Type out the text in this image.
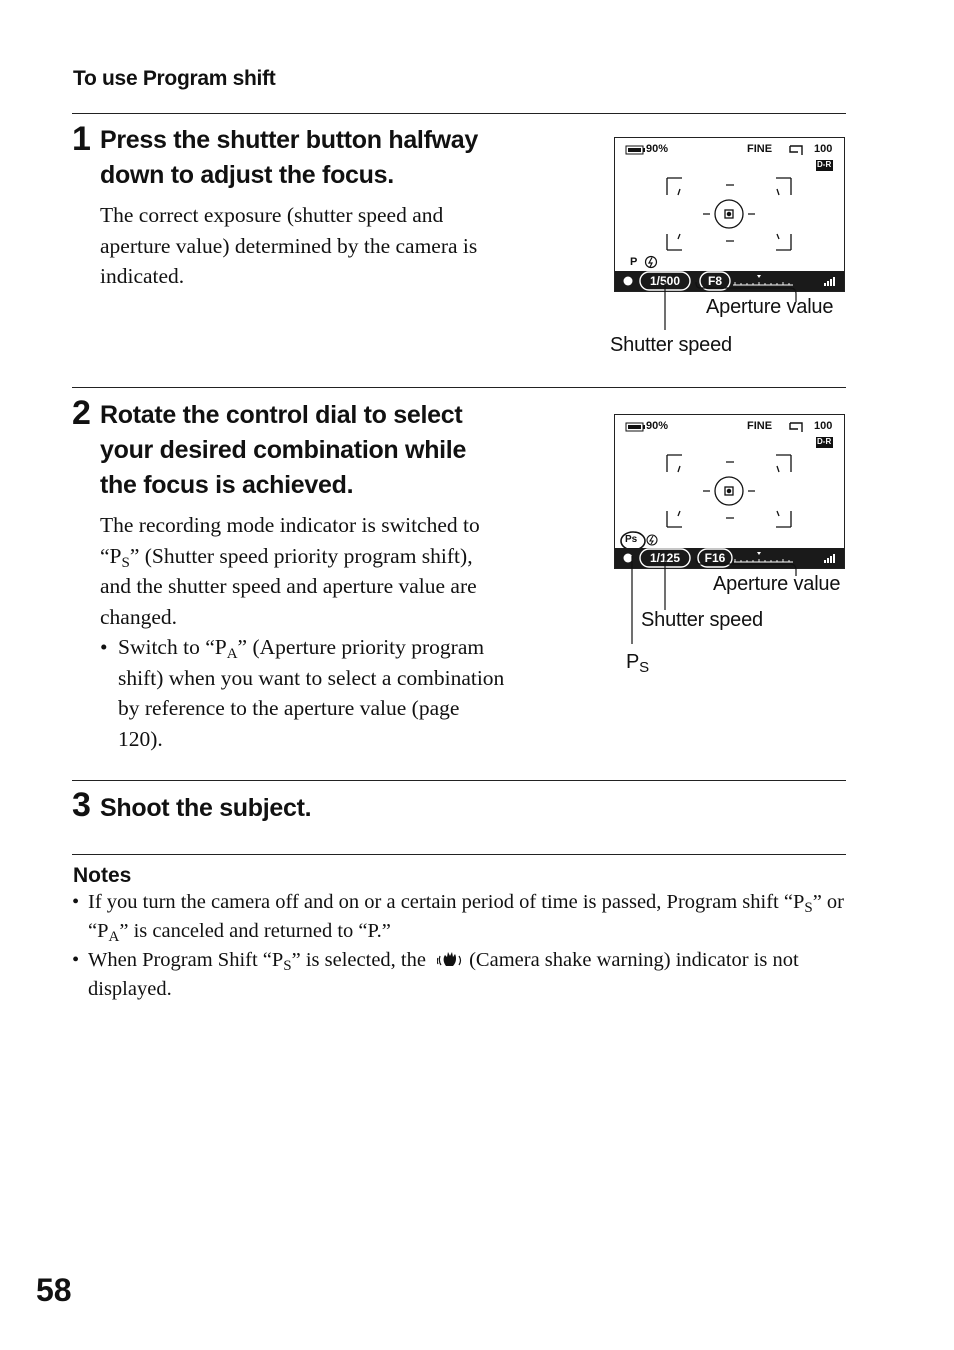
To use Program shift
1 Press the shutter button halfway
down to adjust the focus.
The correct exposure (shutter speed and aperture value) determined by the camera is indicated.
90%	FINE	100
D-R
P
1/500	F8
Aperture value
Shutter speed
2 Rotate the control dial to select
your desired combination while
the focus is achieved.
The recording mode indicator is switched to “$P_S$” (Shutter speed priority program shift), and the shutter speed and aperture value are changed.
• Switch to “$P_A$” (Aperture priority program shift) when you want to select a combination by reference to the aperture value (page 120).
90%	FINE	100
D-R
Ps
1/125	F16
Aperture value
Shutter speed
$P_S$
3 Shoot the subject.
Notes
• If you turn the camera off and on or a certain period of time is passed, Program shift “$P_S$” or “$P_A$” is canceled and returned to “P.”
• When Program Shift “$P_S$” is selected, the (Camera shake warning) indicator is not displayed.
58
